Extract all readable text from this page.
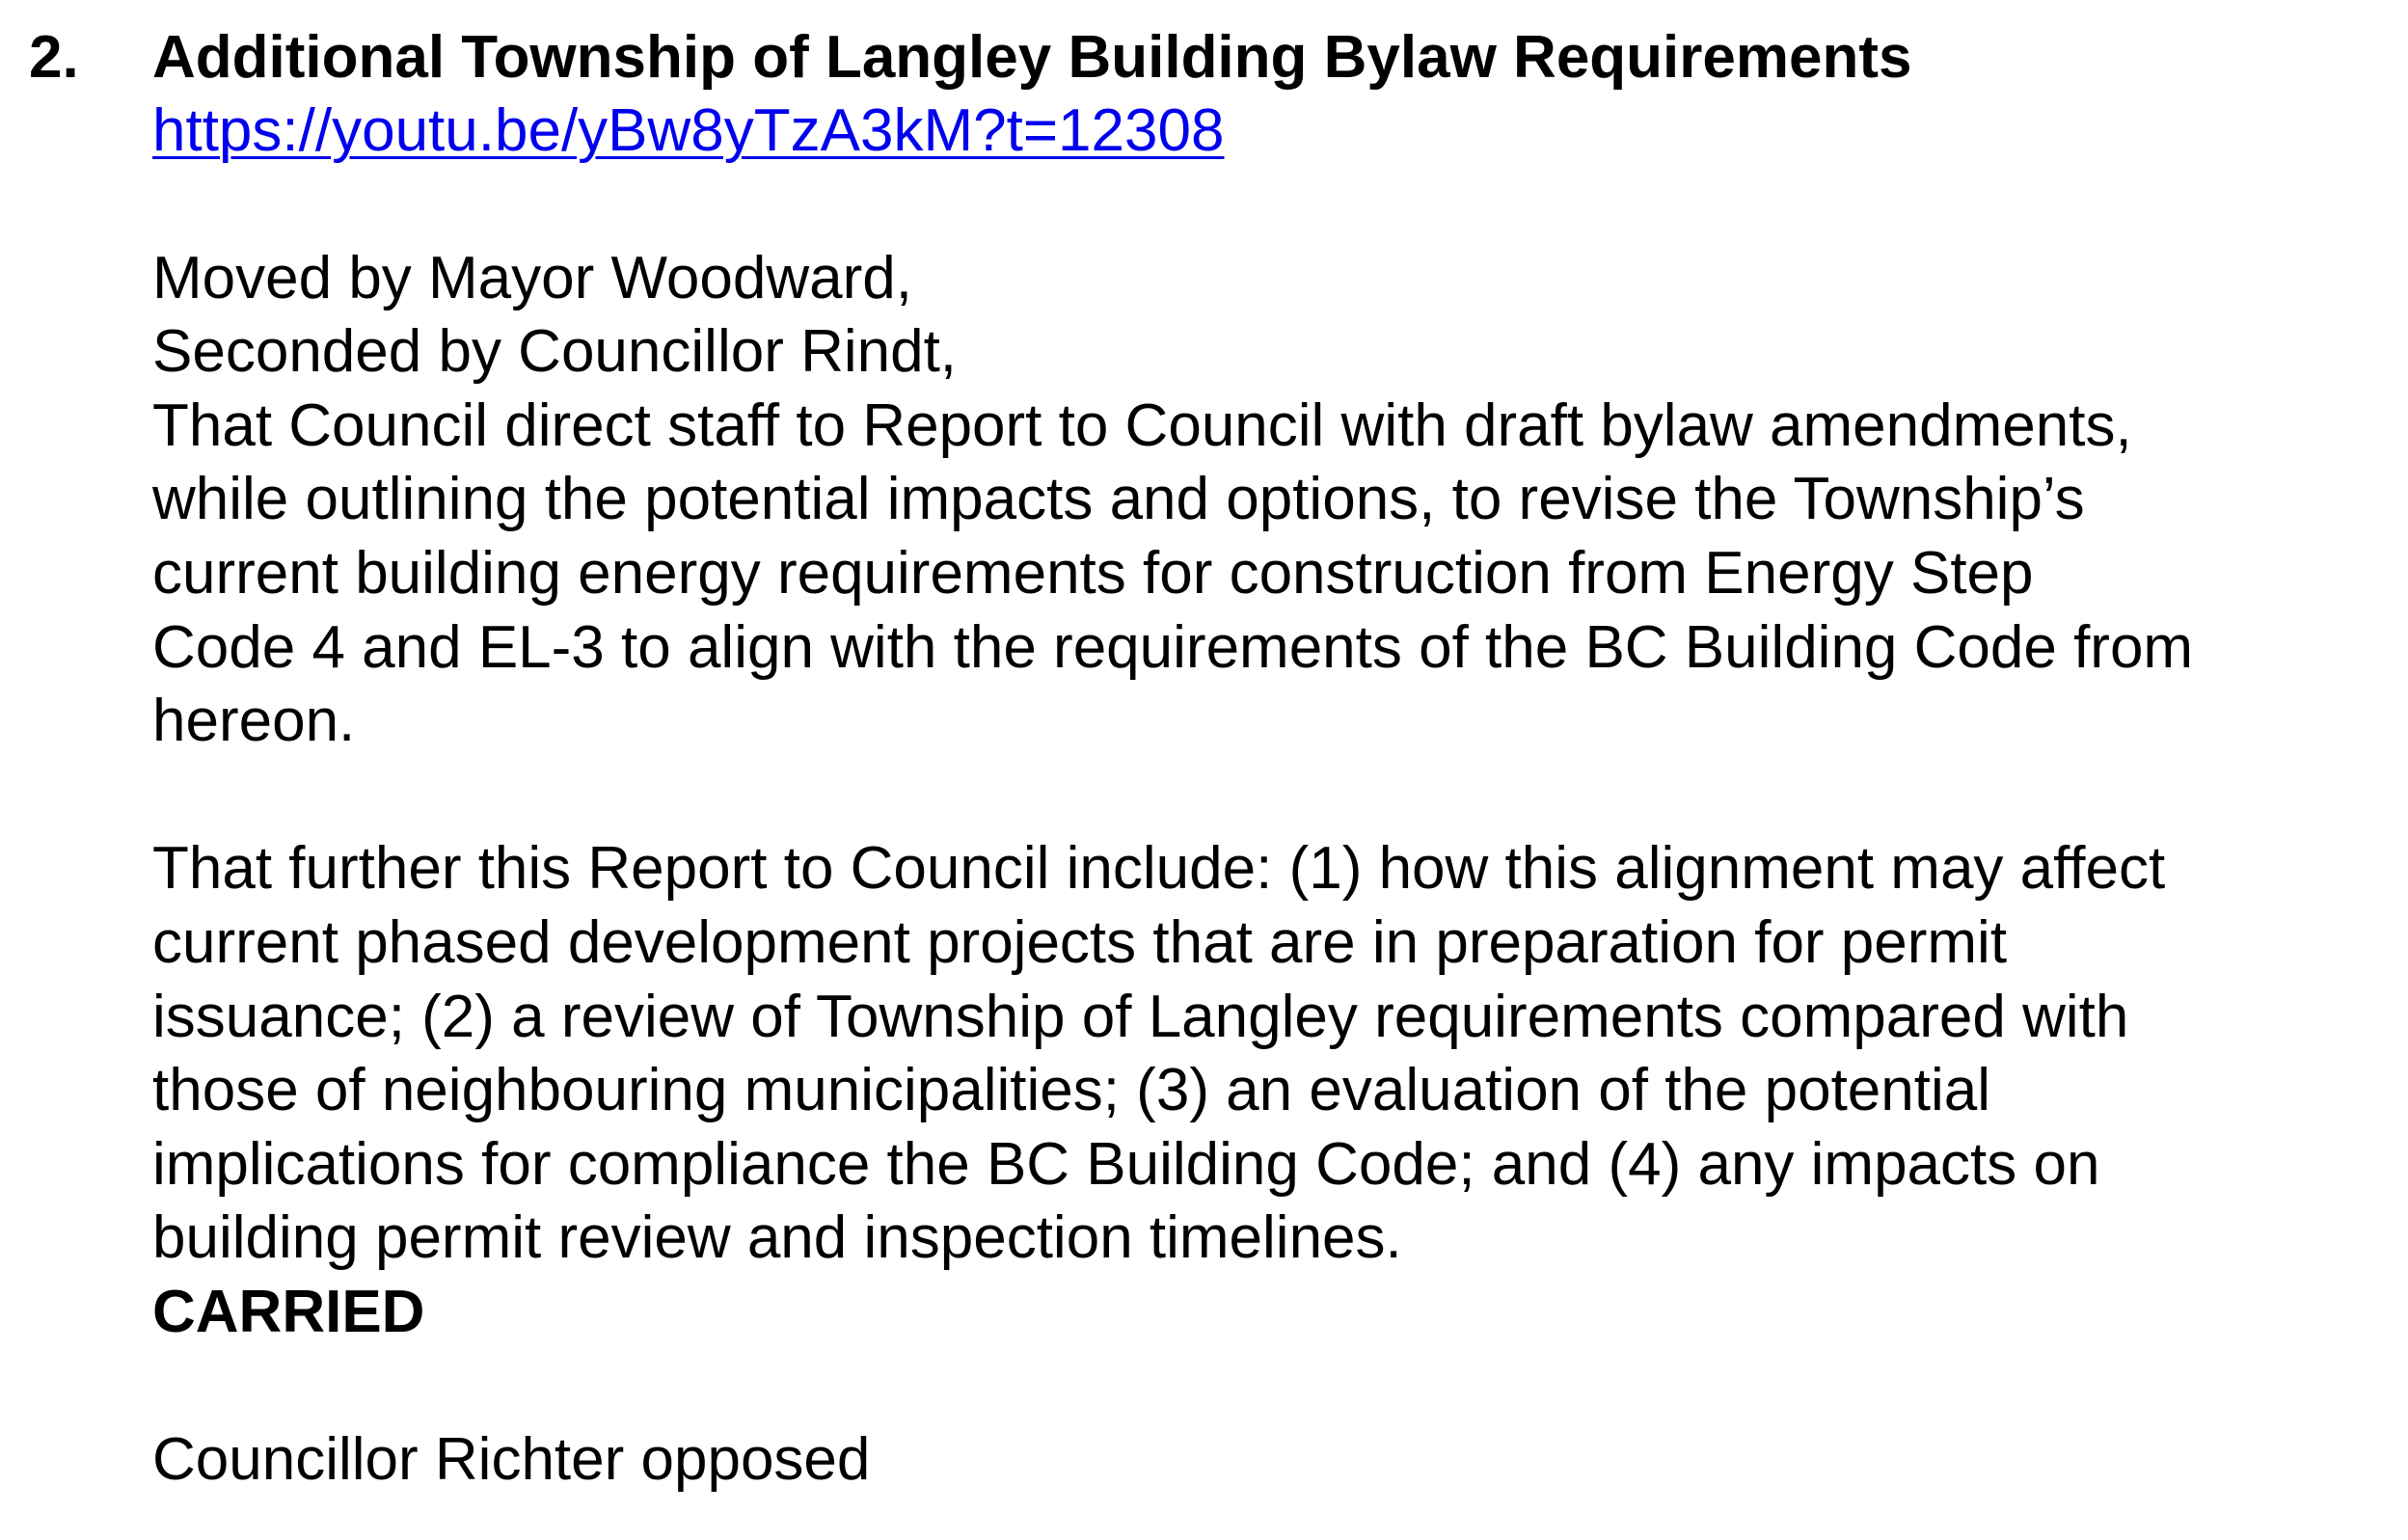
2. Additional Township of Langley Building Bylaw Requirements
https://youtu.be/yBw8yTzA3kM?t=12308
Moved by Mayor Woodward,
Seconded by Councillor Rindt,
That Council direct staff to Report to Council with draft bylaw amendments,
while outlining the potential impacts and options, to revise the Township’s
current building energy requirements for construction from Energy Step
Code 4 and EL-3 to align with the requirements of the BC Building Code from
hereon.
That further this Report to Council include: (1) how this alignment may affect
current phased development projects that are in preparation for permit
issuance; (2) a review of Township of Langley requirements compared with
those of neighbouring municipalities; (3) an evaluation of the potential
implications for compliance the BC Building Code; and (4) any impacts on
building permit review and inspection timelines.
CARRIED
Councillor Richter opposed
